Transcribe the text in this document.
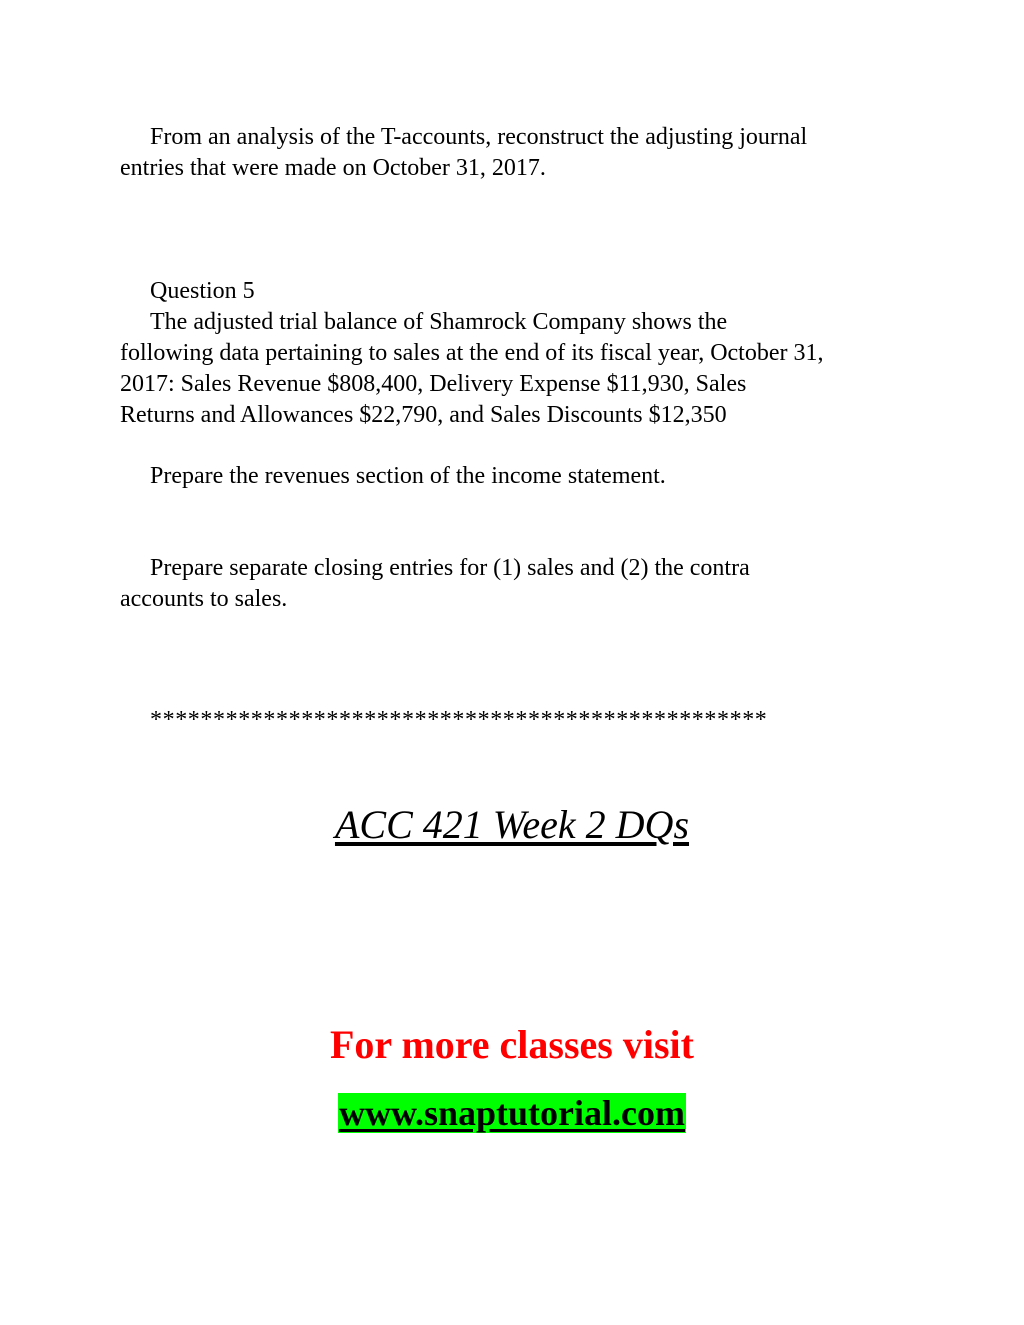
From an analysis of the T-accounts, reconstruct the adjusting journal
entries that were made on October 31, 2017.
Question 5
The adjusted trial balance of Shamrock Company shows the
following data pertaining to sales at the end of its fiscal year, October 31,
2017: Sales Revenue $808,400, Delivery Expense $11,930, Sales
Returns and Allowances $22,790, and Sales Discounts $12,350
Prepare the revenues section of the income statement.
Prepare separate closing entries for (1) sales and (2) the contra
accounts to sales.
*************************************************
ACC 421 Week 2 DQs
For more classes visit
www.snaptutorial.com
